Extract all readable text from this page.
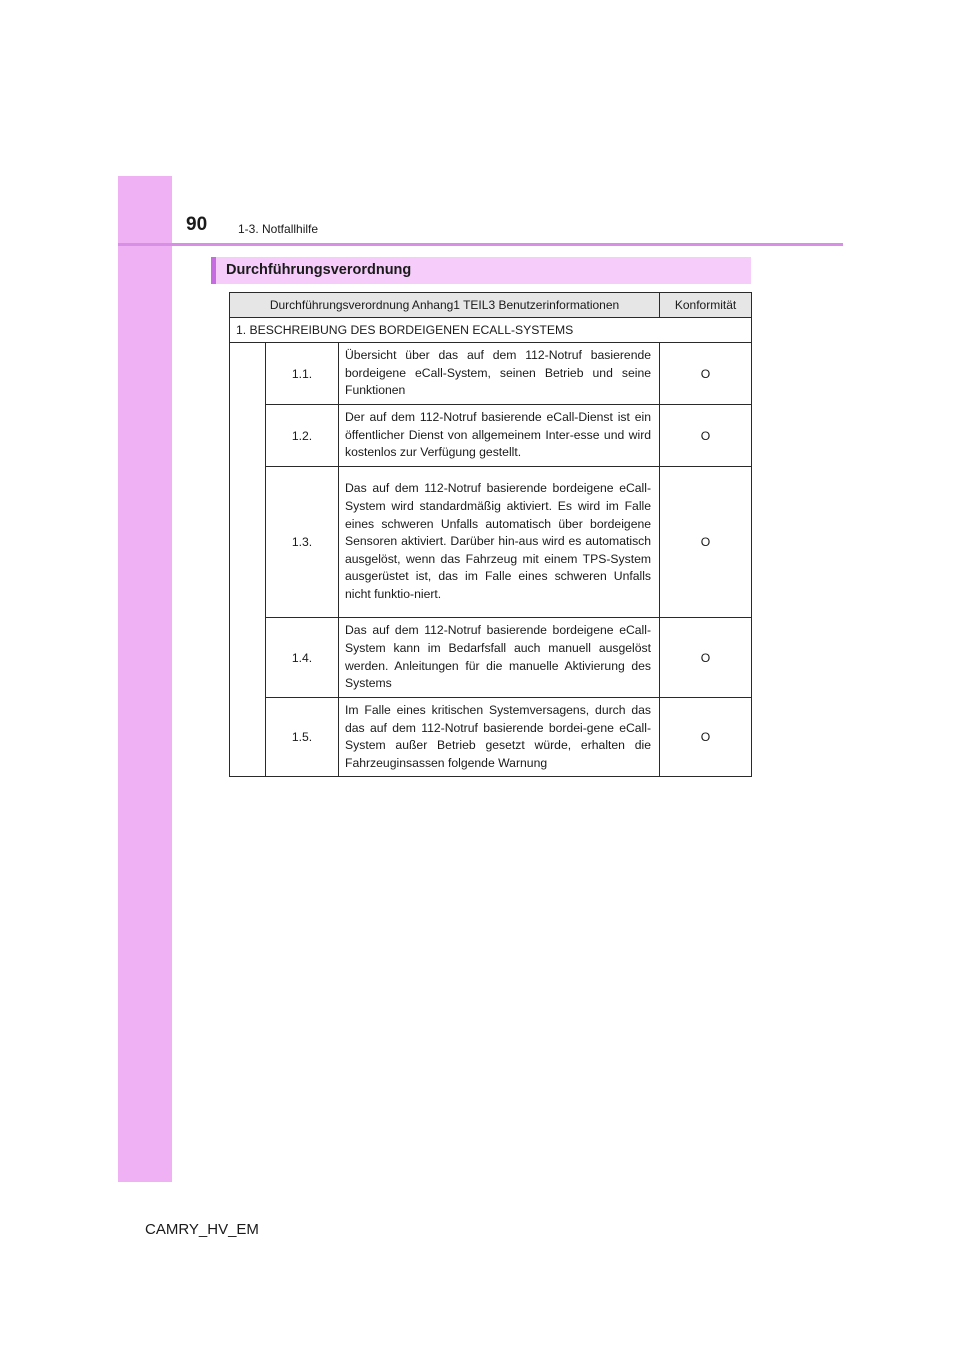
90	1-3. Notfallhilfe
Durchführungsverordnung
Durchführungsverordnung Anhang1 TEIL3 Benutzerinformationen			Konformität
1. BESCHREIBUNG DES BORDEIGENEN ECALL-SYSTEMS			
	1.1.	Übersicht über das auf dem 112-Notruf basierende bordeigene eCall-System, seinen Betrieb und seine Funktionen	O
	1.2.	Der auf dem 112-Notruf basierende eCall-Dienst ist ein öffentlicher Dienst von allgemeinem Inter-esse und wird kostenlos zur Verfügung gestellt.	O
	1.3.	Das auf dem 112-Notruf basierende bordeigene eCall-System wird standardmäßig aktiviert. Es wird im Falle eines schweren Unfalls automatisch über bordeigene Sensoren aktiviert. Darüber hin-aus wird es automatisch ausgelöst, wenn das Fahrzeug mit einem TPS-System ausgerüstet ist, das im Falle eines schweren Unfalls nicht funktio-niert.	O
	1.4.	Das auf dem 112-Notruf basierende bordeigene eCall-System kann im Bedarfsfall auch manuell ausgelöst werden. Anleitungen für die manuelle Aktivierung des Systems	O
	1.5.	Im Falle eines kritischen Systemversagens, durch das das auf dem 112-Notruf basierende bordei-gene eCall-System außer Betrieb gesetzt würde, erhalten die Fahrzeuginsassen folgende Warnung	O
CAMRY_HV_EM
